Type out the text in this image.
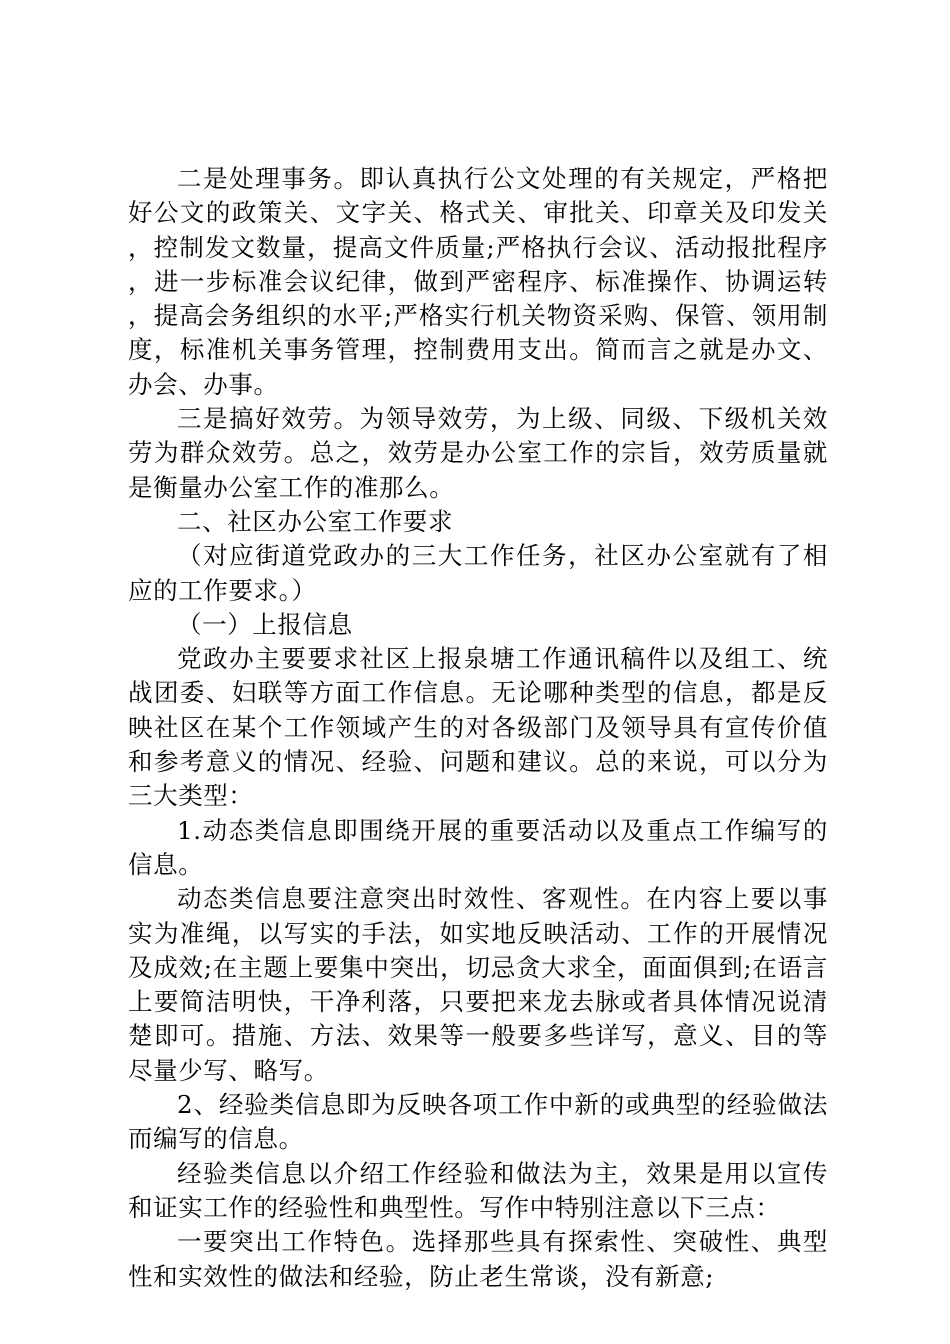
二是处理事务。即认真执行公文处理的有关规定，严格把好公文的政策关、文字关、格式关、审批关、印章关及印发关，控制发文数量，提高文件质量;严格执行会议、活动报批程序，进一步标准会议纪律，做到严密程序、标准操作、协调运转，提高会务组织的水平;严格实行机关物资采购、保管、领用制度，标准机关事务管理，控制费用支出。简而言之就是办文、办会、办事。

三是搞好效劳。为领导效劳，为上级、同级、下级机关效劳为群众效劳。总之，效劳是办公室工作的宗旨，效劳质量就是衡量办公室工作的准那么。

二、社区办公室工作要求

（对应街道党政办的三大工作任务，社区办公室就有了相应的工作要求。）

（一）上报信息

党政办主要要求社区上报泉塘工作通讯稿件以及组工、统战团委、妇联等方面工作信息。无论哪种类型的信息，都是反映社区在某个工作领域产生的对各级部门及领导具有宣传价值和参考意义的情况、经验、问题和建议。总的来说，可以分为三大类型：

1.动态类信息即围绕开展的重要活动以及重点工作编写的信息。

动态类信息要注意突出时效性、客观性。在内容上要以事实为准绳，以写实的手法，如实地反映活动、工作的开展情况及成效;在主题上要集中突出，切忌贪大求全，面面俱到;在语言上要简洁明快，干净利落，只要把来龙去脉或者具体情况说清楚即可。措施、方法、效果等一般要多些详写，意义、目的等尽量少写、略写。

2、经验类信息即为反映各项工作中新的或典型的经验做法而编写的信息。

经验类信息以介绍工作经验和做法为主，效果是用以宣传和证实工作的经验性和典型性。写作中特别注意以下三点：

一要突出工作特色。选择那些具有探索性、突破性、典型性和实效性的做法和经验，防止老生常谈，没有新意;
